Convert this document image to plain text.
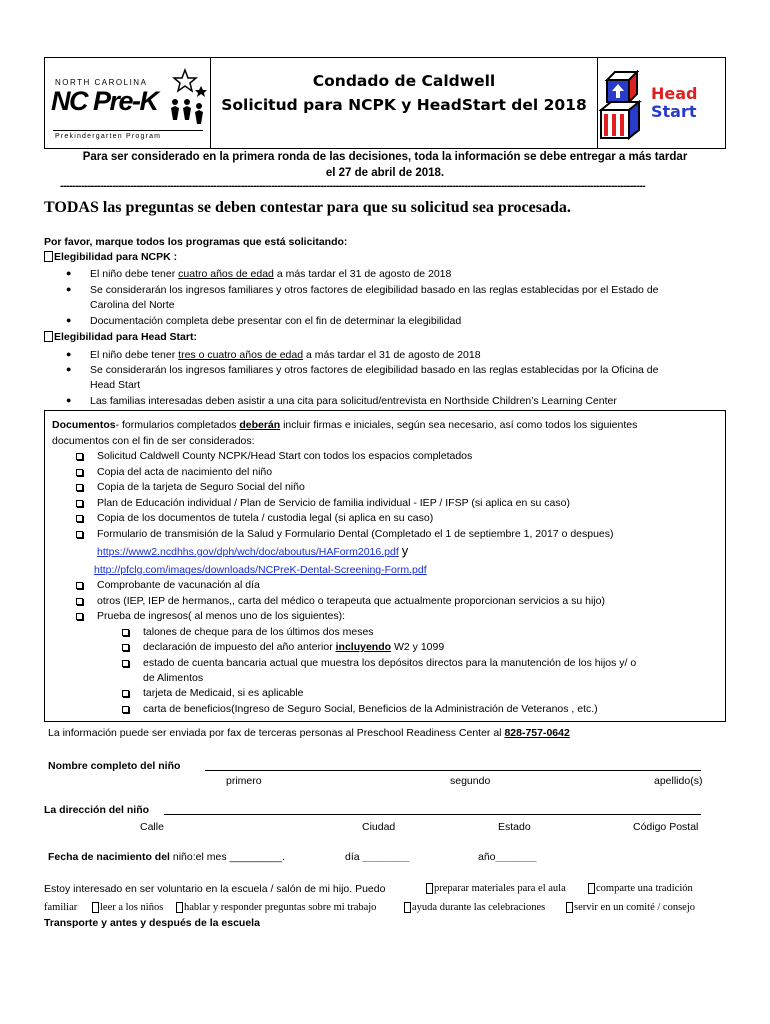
NORTH CAROLINA
NC Pre-K
Prekindergarten Program
Condado de Caldwell
Solicitud para NCPK y HeadStart del 2018
Head
Start
Para ser considerado en la primera ronda de las decisiones, toda la información se debe entregar a más tardar
el 27 de abril de 2018.
-----------------------------------------------------------------------------------------------------------------------------------------------------------------------------------------------
TODAS las preguntas se deben contestar para que su solicitud sea procesada.
Por favor, marque todos los programas que está solicitando:
Elegibilidad para NCPK :
● El niño debe tener cuatro años de edad a más tardar el 31 de agosto de 2018
● Se considerarán los ingresos familiares y otros factores de elegibilidad basado en las reglas establecidas por el Estado de
Carolina del Norte
● Documentación completa debe presentar con el fin de determinar la elegibilidad
Elegibilidad para Head Start:
● El niño debe tener tres o cuatro años de edad a más tardar el 31 de agosto de 2018
● Se considerarán los ingresos familiares y otros factores de elegibilidad basado en las reglas establecidas por la Oficina de
Head Start
● Las familias interesadas deben asistir a una cita para solicitud/entrevista en Northside Children’s Learning Center
Documentos- formularios completados deberán incluir firmas e iniciales, según sea necesario, así como todos los siguientes
documentos con el fin de ser considerados:
Solicitud Caldwell County NCPK/Head Start con todos los espacios completados
Copia del acta de nacimiento del niño
Copia de la tarjeta de Seguro Social del niño
Plan de Educación individual / Plan de Servicio de familia individual - IEP / IFSP (si aplica en su caso)
Copia de los documentos de tutela / custodia legal (si aplica en su caso)
Formulario de transmisión de la Salud y Formulario Dental (Completado el 1 de septiembre 1, 2017 o despues)
https://www2.ncdhhs.gov/dph/wch/doc/aboutus/HAForm2016.pdf y
http://pfclg.com/images/downloads/NCPreK-Dental-Screening-Form.pdf
Comprobante de vacunación al día
otros (IEP, IEP de hermanos,, carta del médico o terapeuta que actualmente proporcionan servicios a su hijo)
Prueba de ingresos( al menos uno de los siguientes):
talones de cheque para de los últimos dos meses
declaración de impuesto del año anterior incluyendo W2 y 1099
estado de cuenta bancaria actual que muestra los depósitos directos para la manutención de los hijos y/ o
de Alimentos
tarjeta de Medicaid, si es aplicable
carta de beneficios(Ingreso de Seguro Social, Beneficios de la Administración de Veteranos , etc.)
La información puede ser enviada por fax de terceras personas al Preschool Readiness Center al 828-757-0642
Nombre completo del niño
primero	segundo	apellido(s)
La dirección del niño
Calle	Ciudad	Estado	Código Postal
Fecha de nacimiento del niño:el mes _________.	día ________	año_______
Estoy interesado en ser voluntario en la escuela / salón de mi hijo. Puedo	preparar materiales para el aula	comparte una tradición
familiar leer a los niños hablar y responder preguntas sobre mi trabajo	ayuda durante las celebraciones	servir en un comité / consejo
Transporte y antes y después de la escuela
